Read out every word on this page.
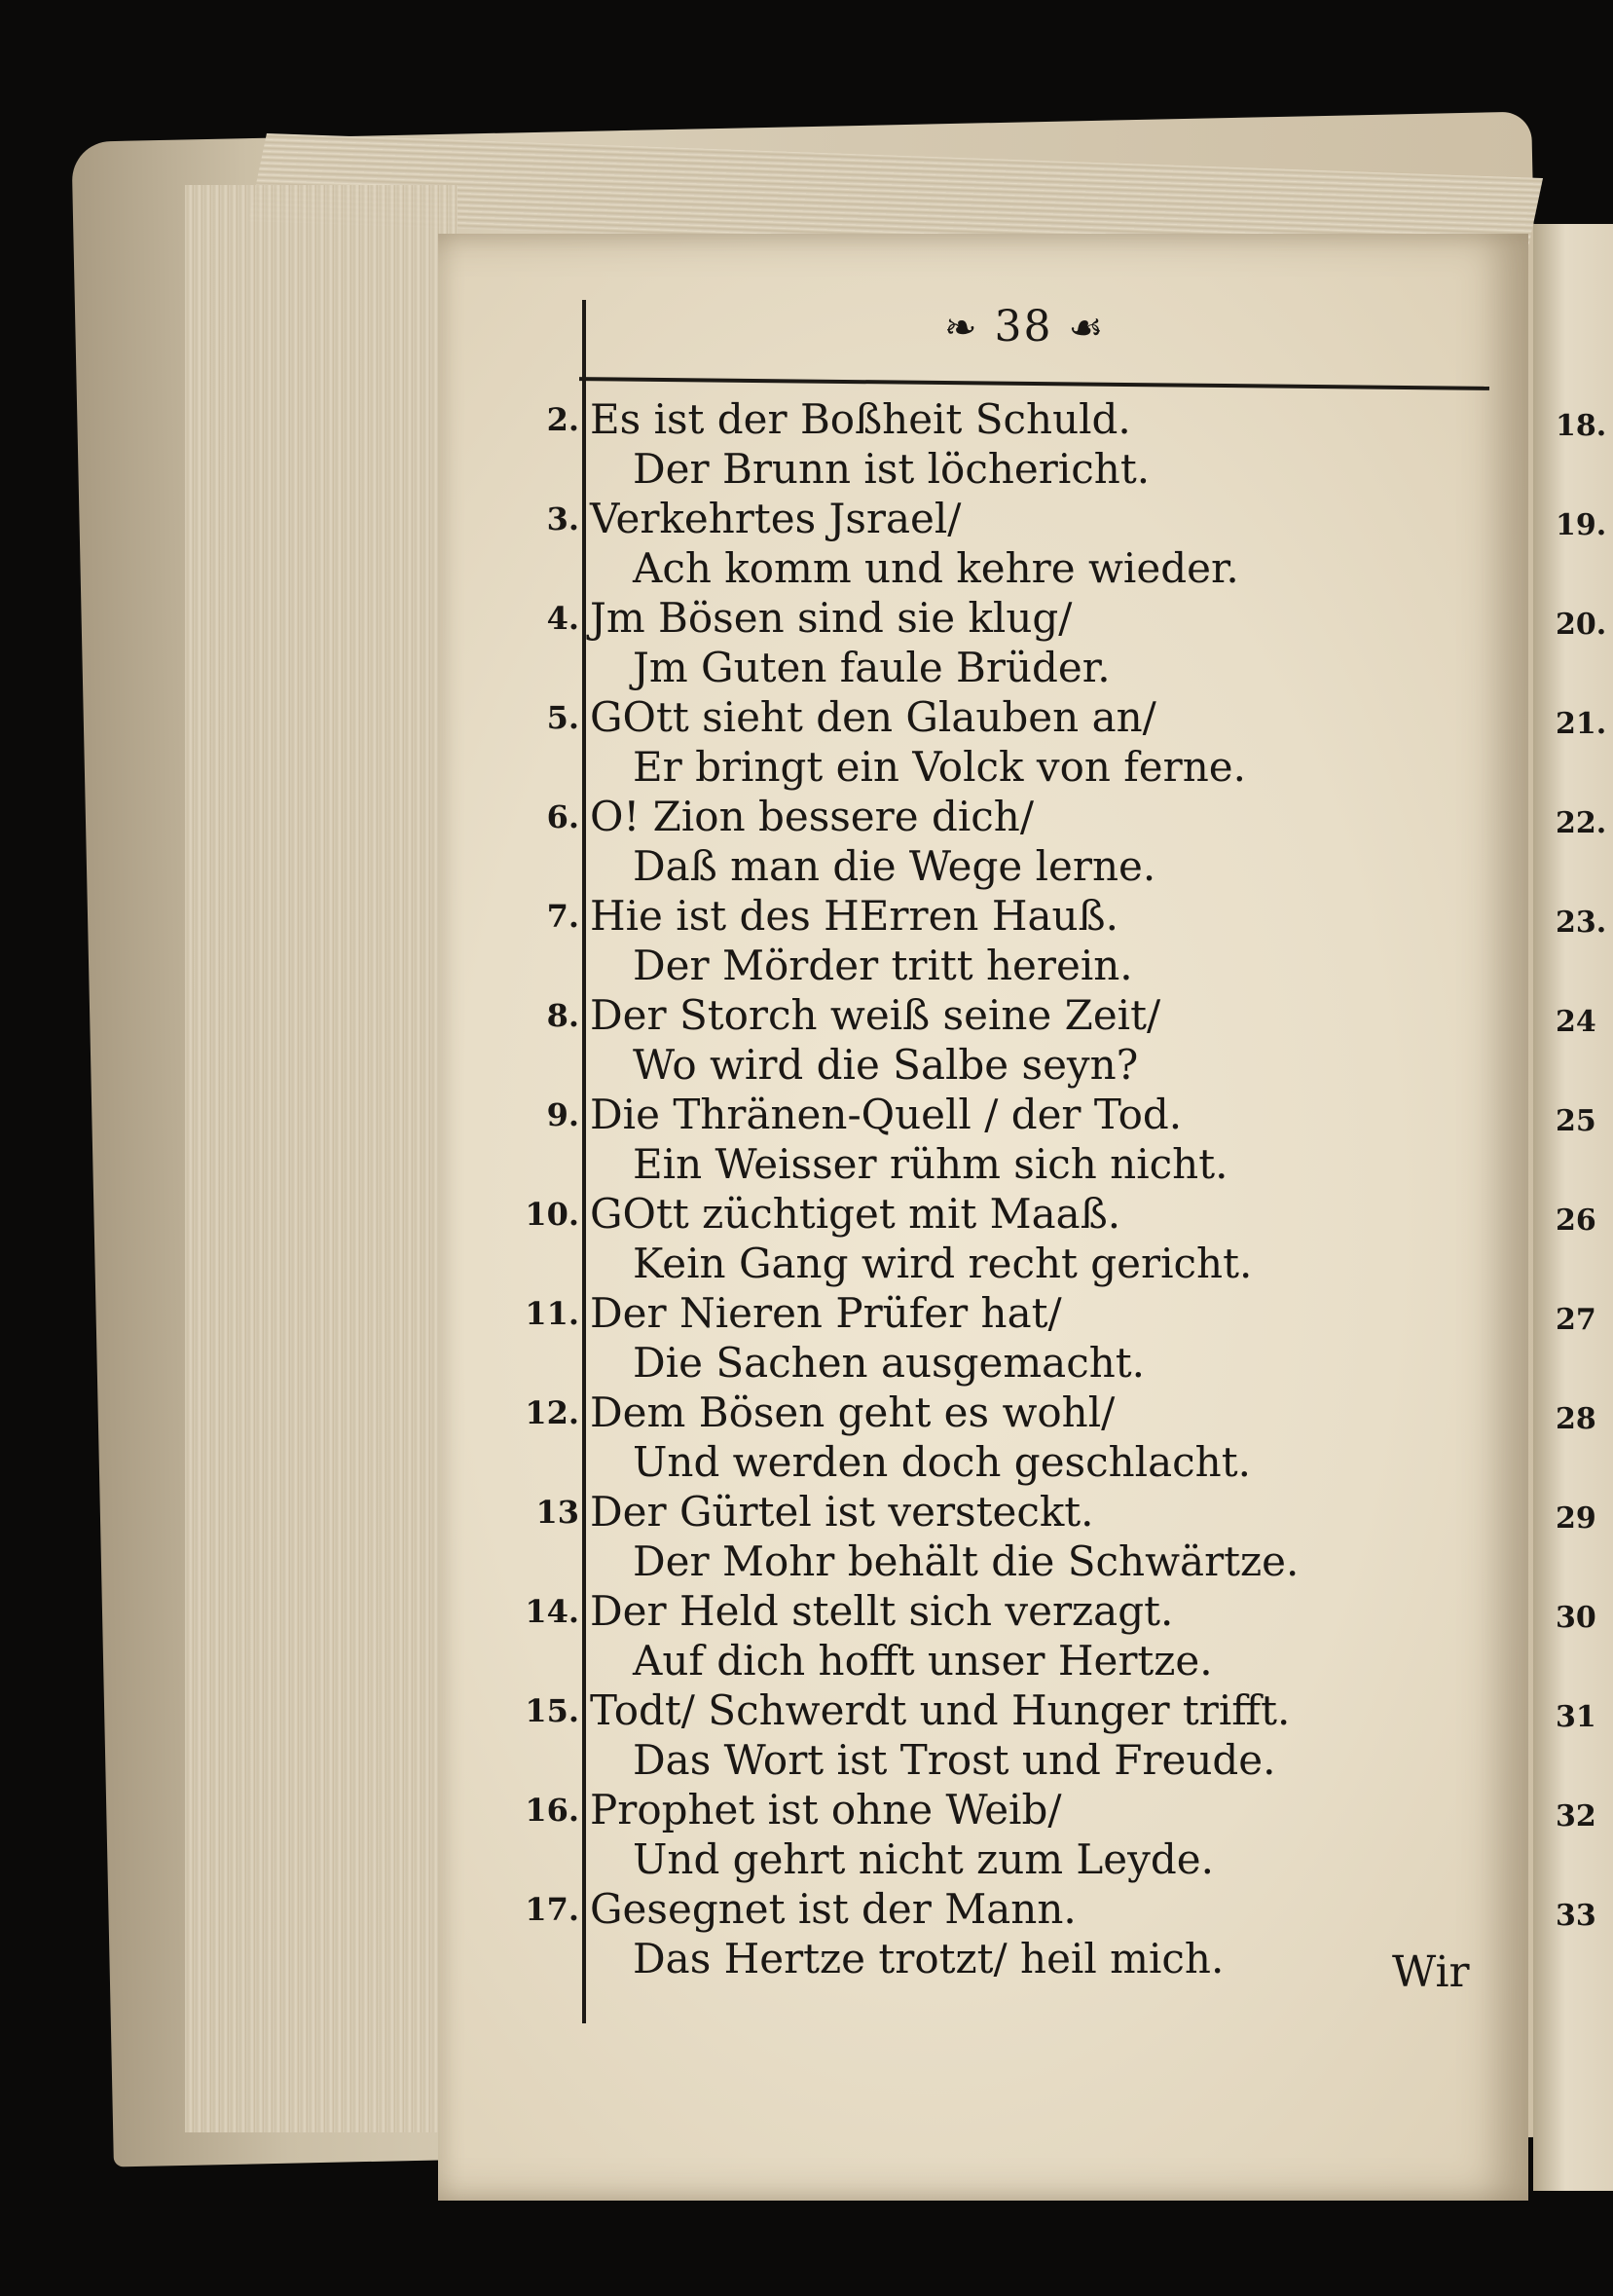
❧ 38 ☙
2. Es ist der Boßheit Schuld.
Der Brunn ist löchericht.
3. Verkehrtes Jsrael/
Ach komm und kehre wieder.
4. Jm Bösen sind sie klug/
Jm Guten faule Brüder.
5. GOtt sieht den Glauben an/
Er bringt ein Volck von ferne.
6. O! Zion bessere dich/
Daß man die Wege lerne.
7. Hie ist des HErren Hauß.
Der Mörder tritt herein.
8. Der Storch weiß seine Zeit/
Wo wird die Salbe seyn?
9. Die Thränen-Quell / der Tod.
Ein Weisser rühm sich nicht.
10. GOtt züchtiget mit Maaß.
Kein Gang wird recht gericht.
11. Der Nieren Prüfer hat/
Die Sachen ausgemacht.
12. Dem Bösen geht es wohl/
Und werden doch geschlacht.
13 Der Gürtel ist versteckt.
Der Mohr behält die Schwärtze.
14. Der Held stellt sich verzagt.
Auf dich hofft unser Hertze.
15. Todt/ Schwerdt und Hunger trifft.
Das Wort ist Trost und Freude.
16. Prophet ist ohne Weib/
Und gehrt nicht zum Leyde.
17. Gesegnet ist der Mann.
Das Hertze trotzt/ heil mich.
18.
19.
20.
21.
22.
23.
24
25
26
27
28
29
30
31
32
33
Wir
